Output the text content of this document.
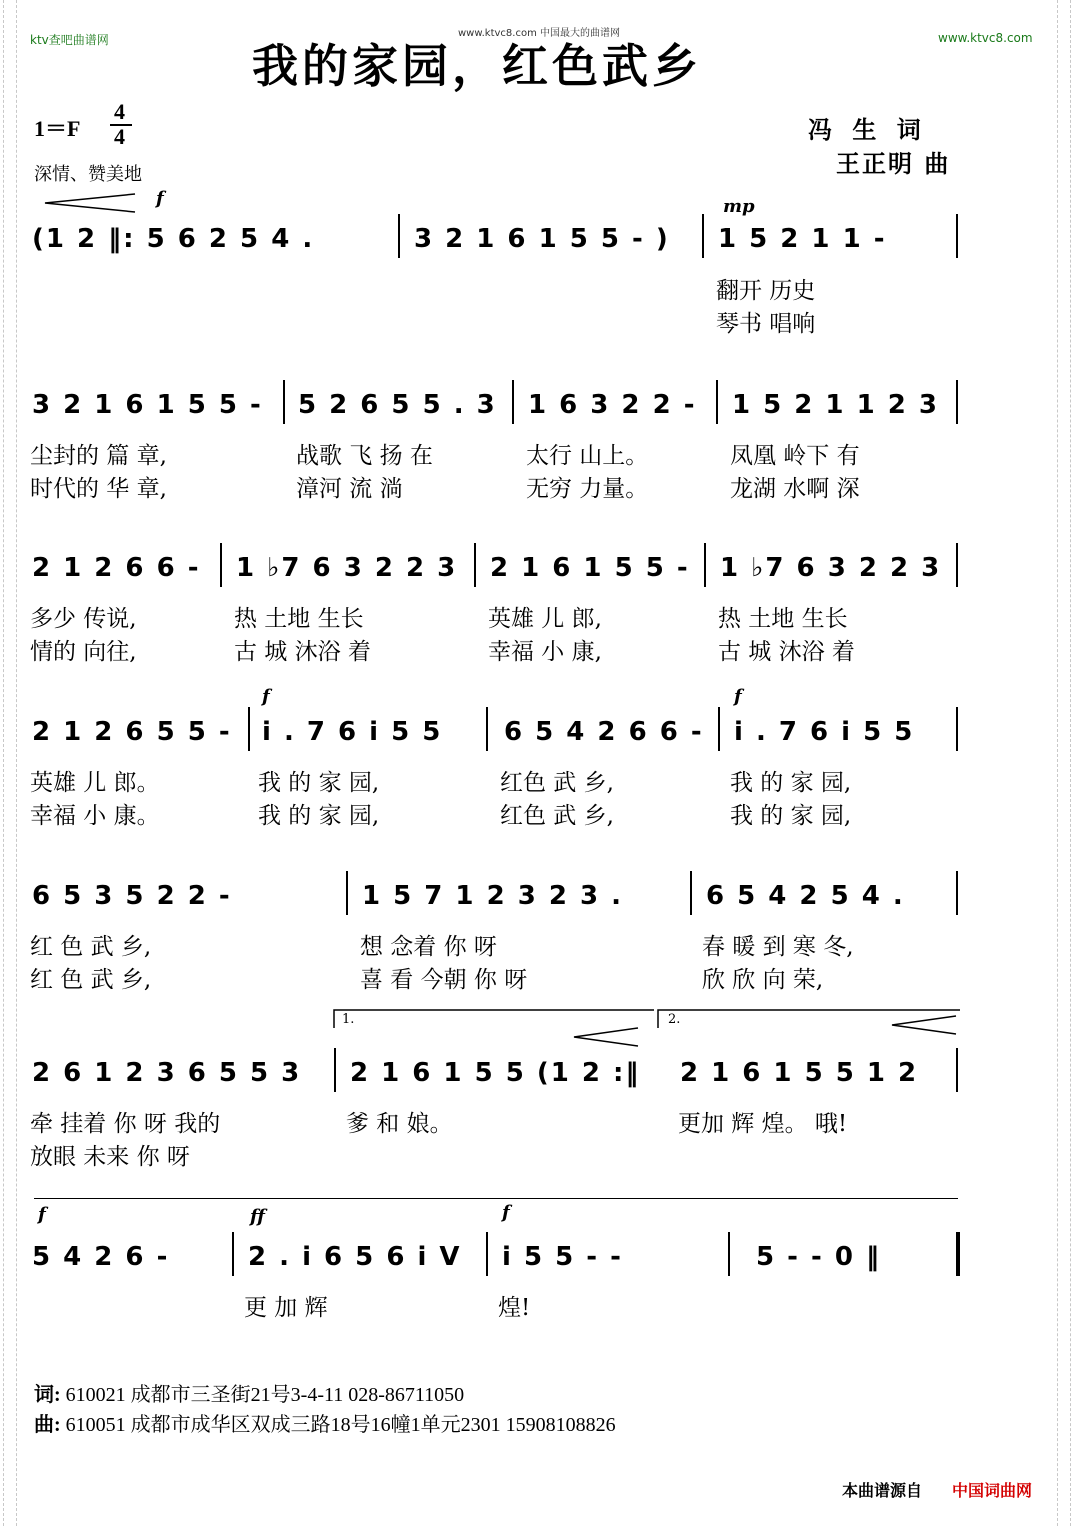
ktv查吧曲谱网	www.ktvc8.com
www.ktvc8.com 中国最大的曲谱网
我的家园，红色武乡
冯 生 词
王正明 曲
1＝F
4
4
深情、赞美地
f	mp
(1 2 ‖: 5 6 2 5 4 .	3 2 1 6 1 5 5 - ) 1 5 2 1 1 -
翻开 历史
琴书 唱响
3 2 1 6 1 5 5 - 5 2 6 5 5 . 3 1 6 3 2 2 - 1 5 2 1 1 2 3
尘封的 篇 章,	战歌 飞 扬 在	太行 山上。	凤凰 岭下 有
时代的 华 章,	漳河 流 淌	无穷 力量。	龙湖 水啊 深
2 1 2 6 6 - 1 ♭7 6 3 2 2 3 2 1 6 1 5 5 - 1 ♭7 6 3 2 2 3
多少 传说,	热 土地 生长	英雄 儿 郎,	热 土地 生长
情的 向往,	古 城 沐浴 着	幸福 小 康,	古 城 沐浴 着
f	f
2 1 2 6 5 5 - i . 7 6 i 5 5 6 5 4 2 6 6 - i . 7 6 i 5 5
英雄 儿 郎。	我 的 家 园,	红色 武 乡,	我 的 家 园,
幸福 小 康。	我 的 家 园,	红色 武 乡,	我 的 家 园,
6 5 3 5 2 2 -	1 5 7 1 2 3 2 3 .	6 5 4 2 5 4 .
红 色 武 乡,	想 念着 你 呀	春 暖 到 寒 冬,
红 色 武 乡,	喜 看 今朝 你 呀	欣 欣 向 荣,
1.	2.
2 6 1 2 3 6 5 5 3 2 1 6 1 5 5 (1 2 :‖ 2 1 6 1 5 5 1 2
牵 挂着 你 呀 我的	爹 和 娘。	更加 辉 煌。 哦!
放眼 未来 你 呀
f	ff	f
5 4 2 6 -	2 . i 6 5 6 i V i 5 5 - -	5 - - 0 ‖
更 加 辉	煌!
词: 610021 成都市三圣街21号3-4-11 028-86711050
曲: 610051 成都市成华区双成三路18号16幢1单元2301 15908108826
本曲谱源自 中国词曲网
